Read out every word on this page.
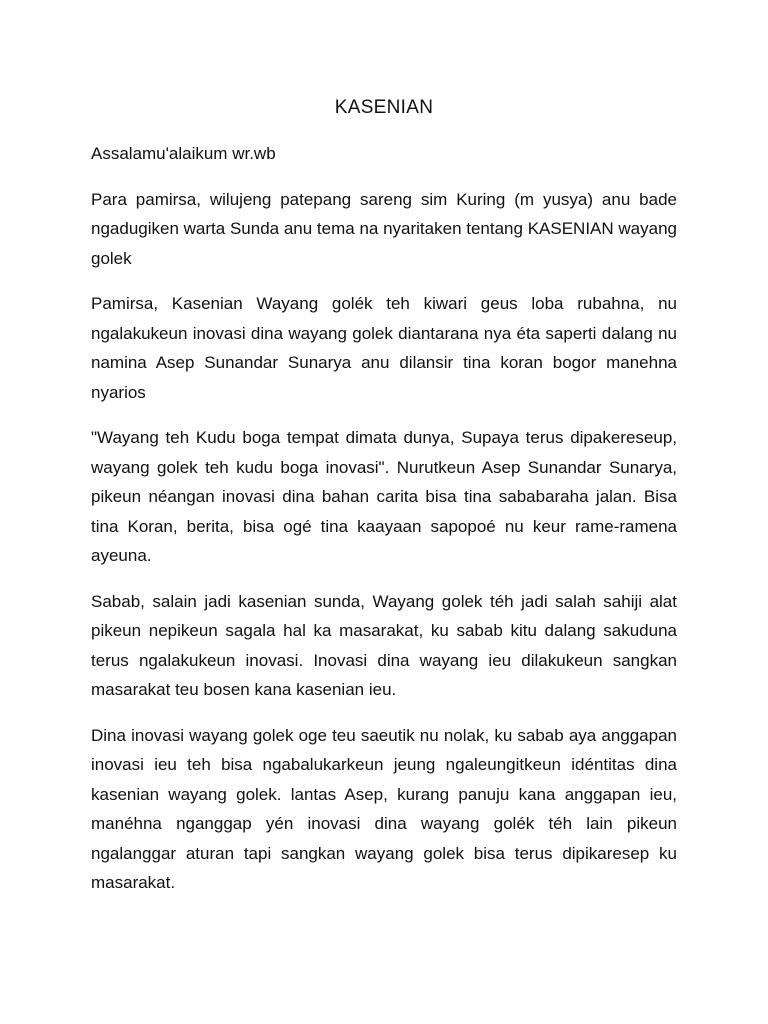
KASENIAN

Assalamu'alaikum wr.wb

Para pamirsa, wilujeng patepang sareng sim Kuring (m yusya) anu bade ngadugiken warta Sunda anu tema na nyaritaken tentang KASENIAN wayang golek

Pamirsa, Kasenian Wayang golék teh kiwari geus loba rubahna, nu ngalakukeun inovasi dina wayang golek diantarana nya éta saperti dalang nu namina Asep Sunandar Sunarya anu dilansir tina koran bogor manehna nyarios

"Wayang teh Kudu boga tempat dimata dunya, Supaya terus dipakereseup, wayang golek teh kudu boga inovasi". Nurutkeun Asep Sunandar Sunarya, pikeun néangan inovasi dina bahan carita bisa tina sababaraha jalan. Bisa tina Koran, berita, bisa ogé tina kaayaan sapopoé nu keur rame-ramena ayeuna.

Sabab, salain jadi kasenian sunda, Wayang golek téh jadi salah sahiji alat pikeun nepikeun sagala hal ka masarakat, ku sabab kitu dalang sakuduna terus ngalakukeun inovasi. Inovasi dina wayang ieu dilakukeun sangkan masarakat teu bosen kana kasenian ieu.

Dina inovasi wayang golek oge teu saeutik nu nolak, ku sabab aya anggapan inovasi ieu teh bisa ngabalukarkeun jeung ngaleungitkeun idéntitas dina kasenian wayang golek. lantas Asep, kurang panuju kana anggapan ieu, manéhna nganggap yén inovasi dina wayang golék téh lain pikeun ngalanggar aturan tapi sangkan wayang golek bisa terus dipikaresep ku masarakat.
